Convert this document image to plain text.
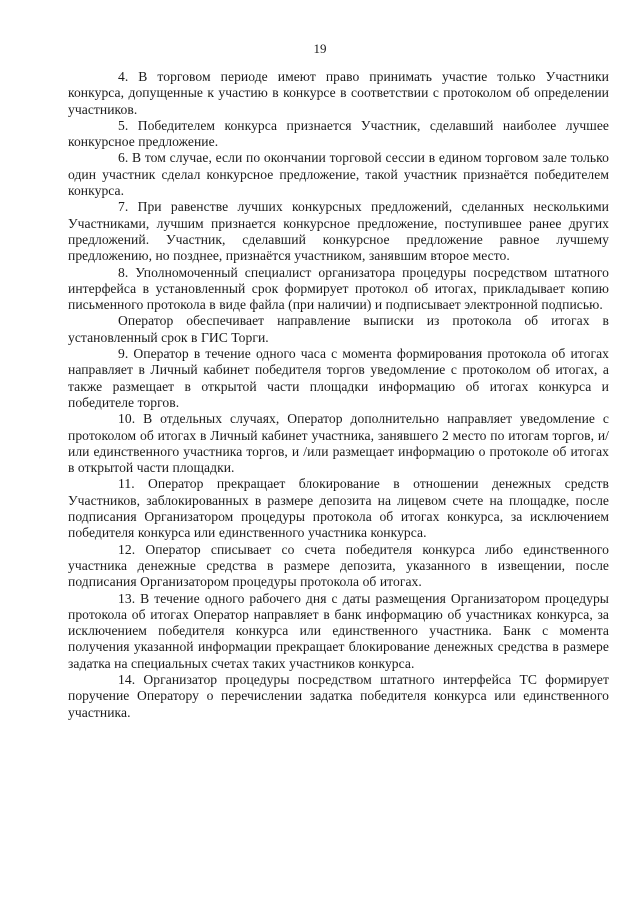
19

4. В торговом периоде имеют право принимать участие только Участники конкурса, допущенные к участию в конкурсе в соответствии с протоколом об определении участников.

5. Победителем конкурса признается Участник, сделавший наиболее лучшее конкурсное предложение.

6. В том случае, если по окончании торговой сессии в едином торговом зале только один участник сделал конкурсное предложение, такой участник признаётся победителем конкурса.

7. При равенстве лучших конкурсных предложений, сделанных несколькими Участниками, лучшим признается конкурсное предложение, поступившее ранее других предложений. Участник, сделавший конкурсное предложение равное лучшему предложению, но позднее, признаётся участником, занявшим второе место.

8. Уполномоченный специалист организатора процедуры посредством штатного интерфейса в установленный срок формирует протокол об итогах, прикладывает копию письменного протокола в виде файла (при наличии) и подписывает электронной подписью.

Оператор обеспечивает направление выписки из протокола об итогах в установленный срок в ГИС Торги.

9. Оператор в течение одного часа с момента формирования протокола об итогах направляет в Личный кабинет победителя торгов уведомление с протоколом об итогах, а также размещает в открытой части площадки информацию об итогах конкурса и победителе торгов.

10. В отдельных случаях, Оператор дополнительно направляет уведомление с протоколом об итогах в Личный кабинет участника, занявшего 2 место по итогам торгов, и/или единственного участника торгов, и /или размещает информацию о протоколе об итогах в открытой части площадки.

11. Оператор прекращает блокирование в отношении денежных средств Участников, заблокированных в размере депозита на лицевом счете на площадке, после подписания Организатором процедуры протокола об итогах конкурса, за исключением победителя конкурса или единственного участника конкурса.

12. Оператор списывает со счета победителя конкурса либо единственного участника денежные средства в размере депозита, указанного в извещении, после подписания Организатором процедуры протокола об итогах.

13. В течение одного рабочего дня с даты размещения Организатором процедуры протокола об итогах Оператор направляет в банк информацию об участниках конкурса, за исключением победителя конкурса или единственного участника. Банк с момента получения указанной информации прекращает блокирование денежных средства в размере задатка на специальных счетах таких участников конкурса.

14. Организатор процедуры посредством штатного интерфейса ТС формирует поручение Оператору о перечислении задатка победителя конкурса или единственного участника.
